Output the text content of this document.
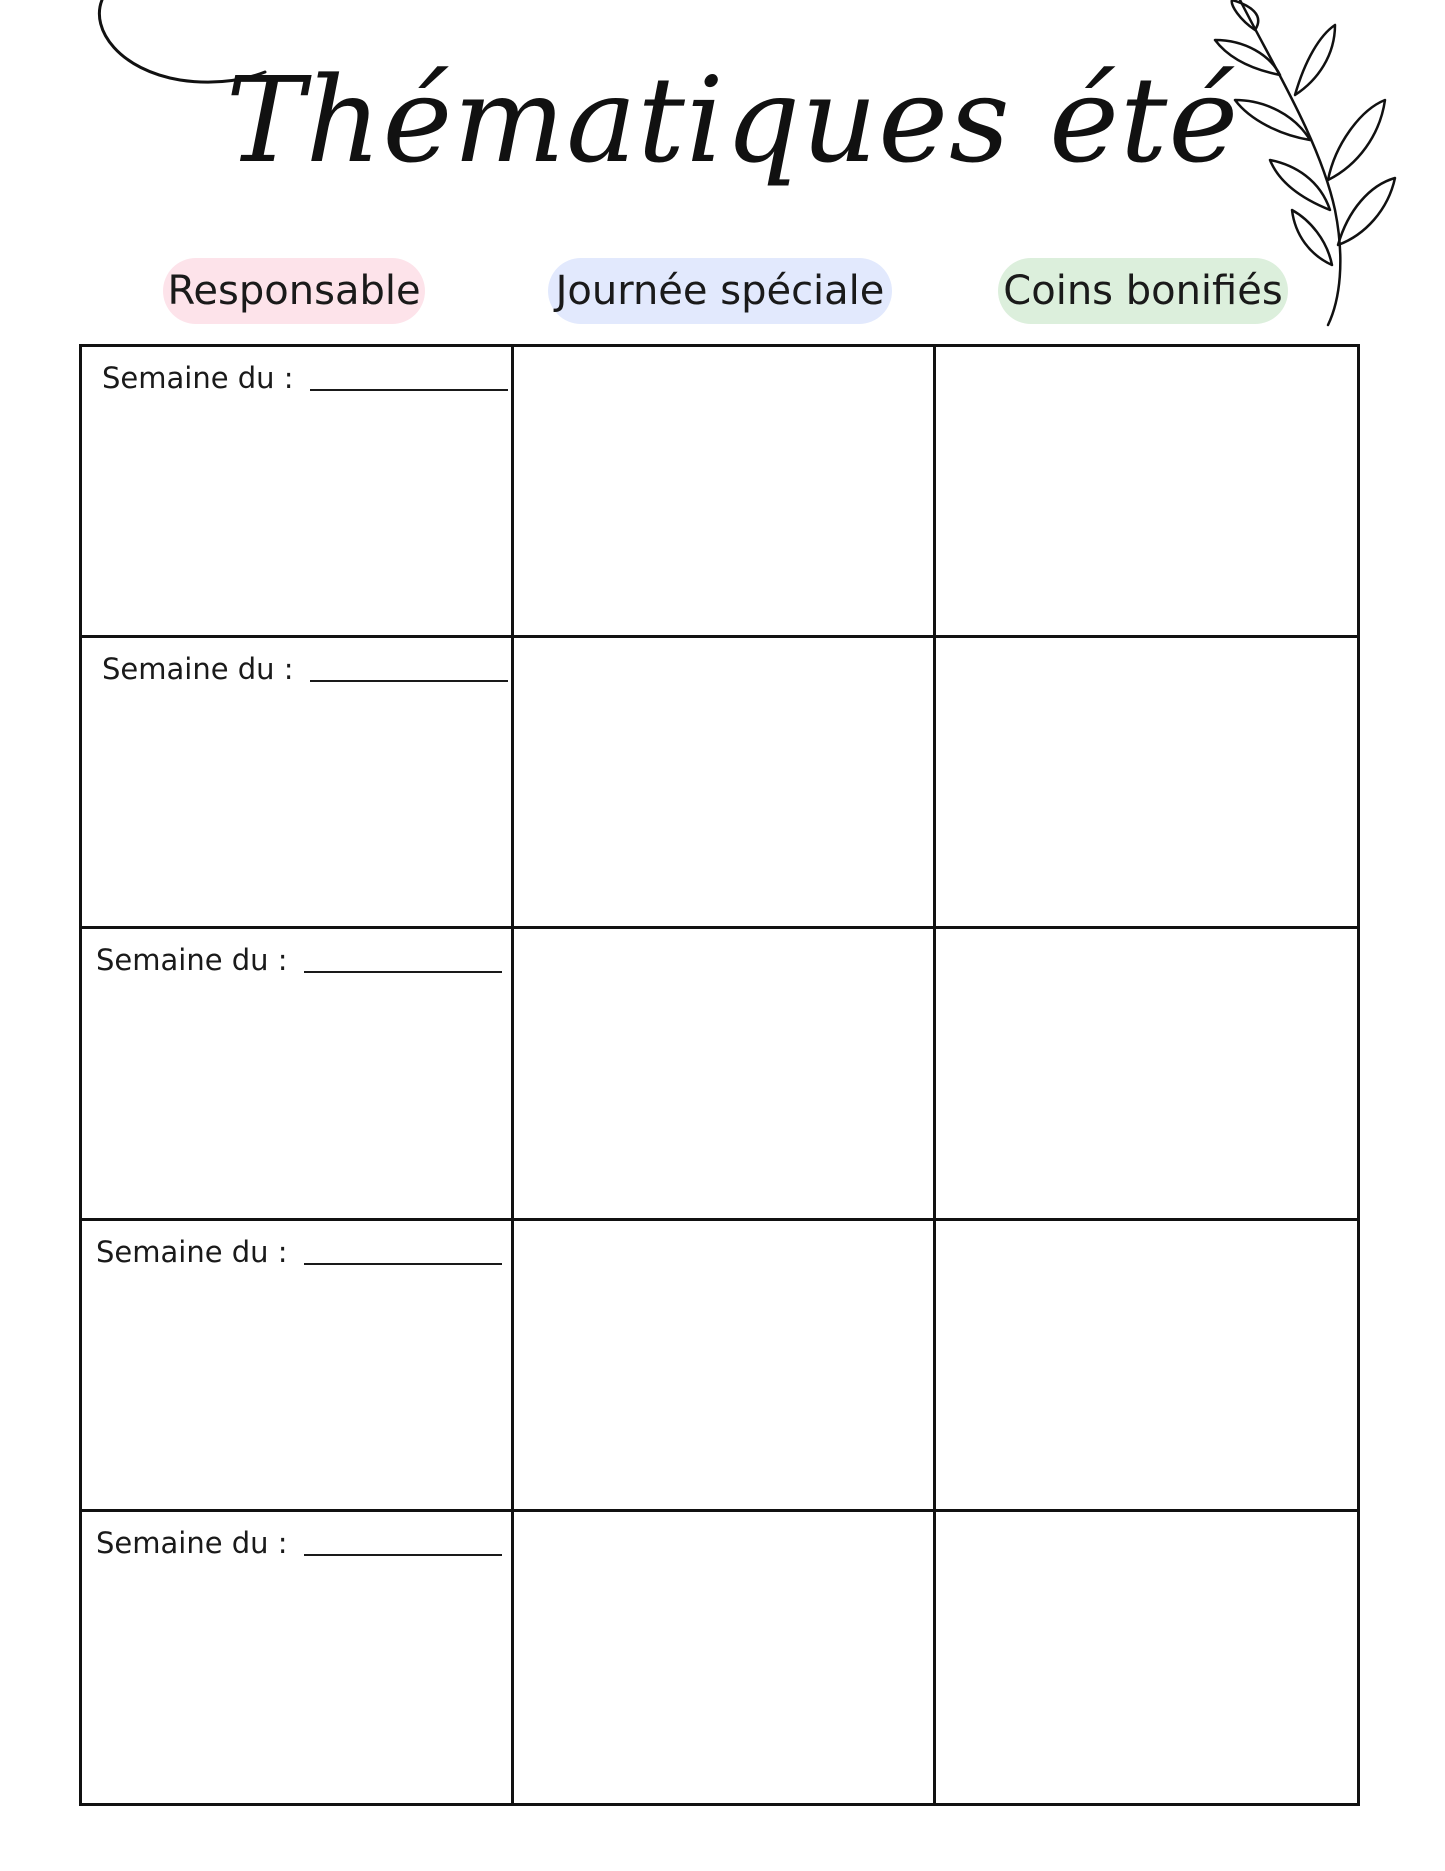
Thématiques été
Responsable	Journée spéciale	Coins bonifiés
Semaine du :
Semaine du :
Semaine du :
Semaine du :
Semaine du :
